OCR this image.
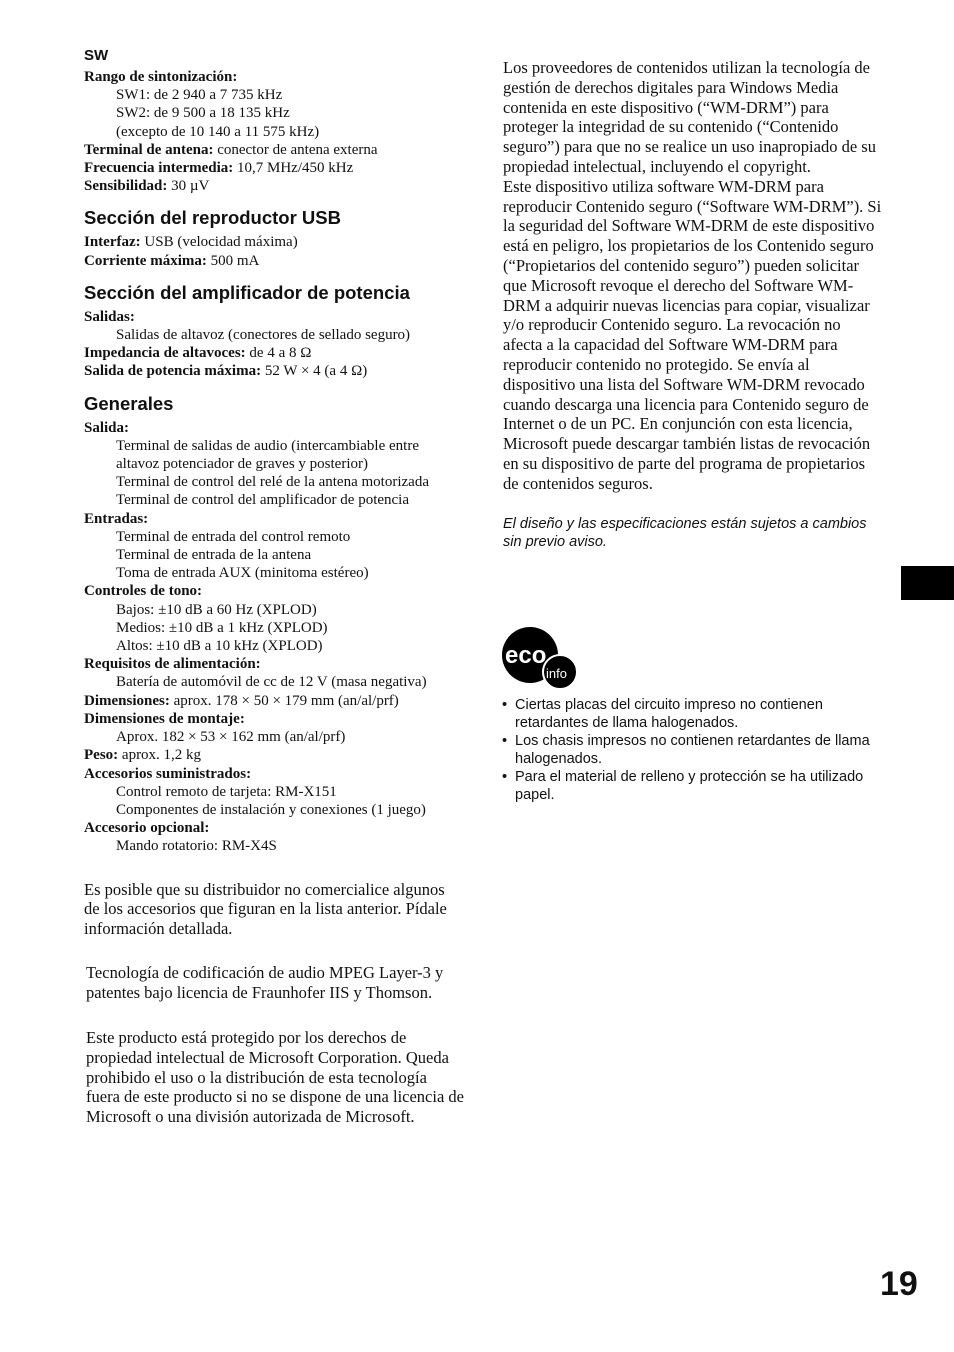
SW
Rango de sintonización:
SW1: de 2 940 a 7 735 kHz
SW2: de 9 500 a 18 135 kHz
(excepto de 10 140 a 11 575 kHz)
Terminal de antena: conector de antena externa
Frecuencia intermedia: 10,7 MHz/450 kHz
Sensibilidad: 30 µV
Sección del reproductor USB
Interfaz: USB (velocidad máxima)
Corriente máxima: 500 mA
Sección del amplificador de potencia
Salidas:
Salidas de altavoz (conectores de sellado seguro)
Impedancia de altavoces: de 4 a 8 Ω
Salida de potencia máxima: 52 W × 4 (a 4 Ω)
Generales
Salida:
Terminal de salidas de audio (intercambiable entre altavoz potenciador de graves y posterior)
Terminal de control del relé de la antena motorizada
Terminal de control del amplificador de potencia
Entradas:
Terminal de entrada del control remoto
Terminal de entrada de la antena
Toma de entrada AUX (minitoma estéreo)
Controles de tono:
Bajos: ±10 dB a 60 Hz (XPLOD)
Medios: ±10 dB a 1 kHz (XPLOD)
Altos: ±10 dB a 10 kHz (XPLOD)
Requisitos de alimentación:
Batería de automóvil de cc de 12 V (masa negativa)
Dimensiones: aprox. 178 × 50 × 179 mm (an/al/prf)
Dimensiones de montaje:
Aprox. 182 × 53 × 162 mm (an/al/prf)
Peso: aprox. 1,2 kg
Accesorios suministrados:
Control remoto de tarjeta: RM-X151
Componentes de instalación y conexiones (1 juego)
Accesorio opcional:
Mando rotatorio: RM-X4S

Es posible que su distribuidor no comercialice algunos de los accesorios que figuran en la lista anterior. Pídale información detallada.

Tecnología de codificación de audio MPEG Layer-3 y patentes bajo licencia de Fraunhofer IIS y Thomson.

Este producto está protegido por los derechos de propiedad intelectual de Microsoft Corporation. Queda prohibido el uso o la distribución de esta tecnología fuera de este producto si no se dispone de una licencia de Microsoft o una división autorizada de Microsoft.

Los proveedores de contenidos utilizan la tecnología de gestión de derechos digitales para Windows Media contenida en este dispositivo (“WM-DRM”) para proteger la integridad de su contenido (“Contenido seguro”) para que no se realice un uso inapropiado de su propiedad intelectual, incluyendo el copyright.

Este dispositivo utiliza software WM-DRM para reproducir Contenido seguro (“Software WM-DRM”). Si la seguridad del Software WM-DRM de este dispositivo está en peligro, los propietarios de los Contenido seguro (“Propietarios del contenido seguro”) pueden solicitar que Microsoft revoque el derecho del Software WM-DRM a adquirir nuevas licencias para copiar, visualizar y/o reproducir Contenido seguro. La revocación no afecta a la capacidad del Software WM-DRM para reproducir contenido no protegido. Se envía al dispositivo una lista del Software WM-DRM revocado cuando descarga una licencia para Contenido seguro de Internet o de un PC. En conjunción con esta licencia, Microsoft puede descargar también listas de revocación en su dispositivo de parte del programa de propietarios de contenidos seguros.

El diseño y las especificaciones están sujetos a cambios sin previo aviso.

eco
info
• Ciertas placas del circuito impreso no contienen retardantes de llama halogenados.
• Los chasis impresos no contienen retardantes de llama halogenados.
• Para el material de relleno y protección se ha utilizado papel.
19
